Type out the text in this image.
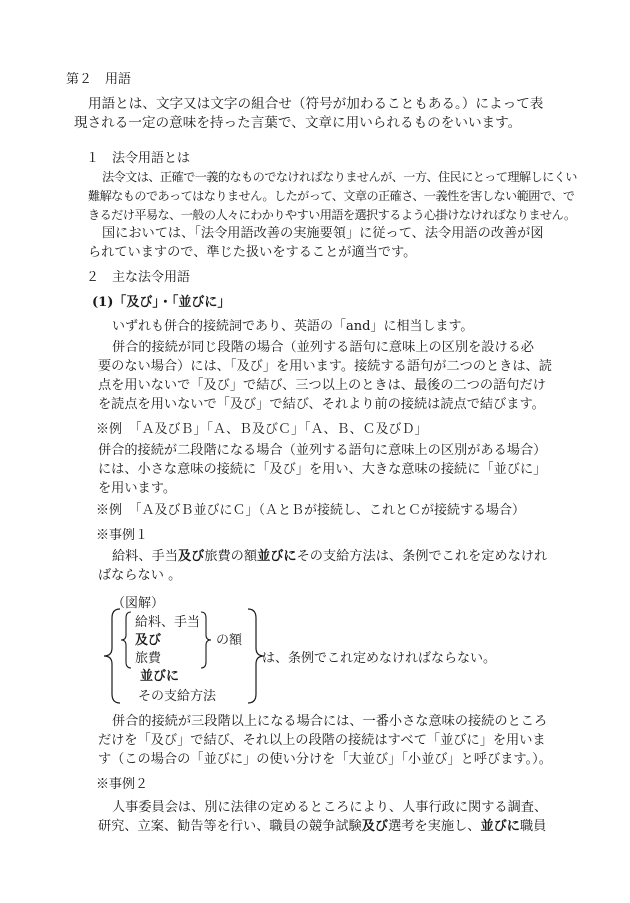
第２　用語
用語とは、文字又は文字の組合せ（符号が加わることもある。）によって表
現される一定の意味を持った言葉で、文章に用いられるものをいいます。
１　法令用語とは
法令文は、正確で一義的なものでなければなりませんが、一方、住民にとって理解しにくい
難解なものであってはなりません。したがって、文章の正確さ、一義性を害しない範囲で、で
きるだけ平易な、一般の人々にわかりやすい用語を選択するよう心掛けなければなりません。
国においては、「法令用語改善の実施要領」に従って、法令用語の改善が図
られていますので、準じた扱いをすることが適当です。
２　主な法令用語
(1)「及び」・「並びに」
いずれも併合的接続詞であり、英語の「and」に相当します。
併合的接続が同じ段階の場合（並列する語句に意味上の区別を設ける必
要のない場合）には、「及び」を用います。接続する語句が二つのときは、読
点を用いないで「及び」で結び、三つ以上のときは、最後の二つの語句だけ
を読点を用いないで「及び」で結び、それより前の接続は読点で結びます。
※例　「Ａ及びＢ」「Ａ、Ｂ及びＣ」「Ａ、Ｂ、Ｃ及びＤ」
併合的接続が二段階になる場合（並列する語句に意味上の区別がある場合）
には、小さな意味の接続に「及び」を用い、大きな意味の接続に「並びに」
を用います。
※例　「Ａ及びＢ並びにＣ」（ＡとＢが接続し、これとＣが接続する場合）
※事例１
給料、手当及び旅費の額並びにその支給方法は、条例でこれを定めなけれ
ばならない 。
（図解）
給料、手当
及び
旅費
の額
並びに
その支給方法
は、条例でこれ定めなければならない。
併合的接続が三段階以上になる場合には、一番小さな意味の接続のところ
だけを「及び」で結び、それ以上の段階の接続はすべて「並びに」を用いま
す（この場合の「並びに」の使い分けを「大並び」「小並び」と呼びます。）。
※事例２
人事委員会は、別に法律の定めるところにより、人事行政に関する調査、
研究、立案、勧告等を行い、職員の競争試験及び選考を実施し、並びに職員
